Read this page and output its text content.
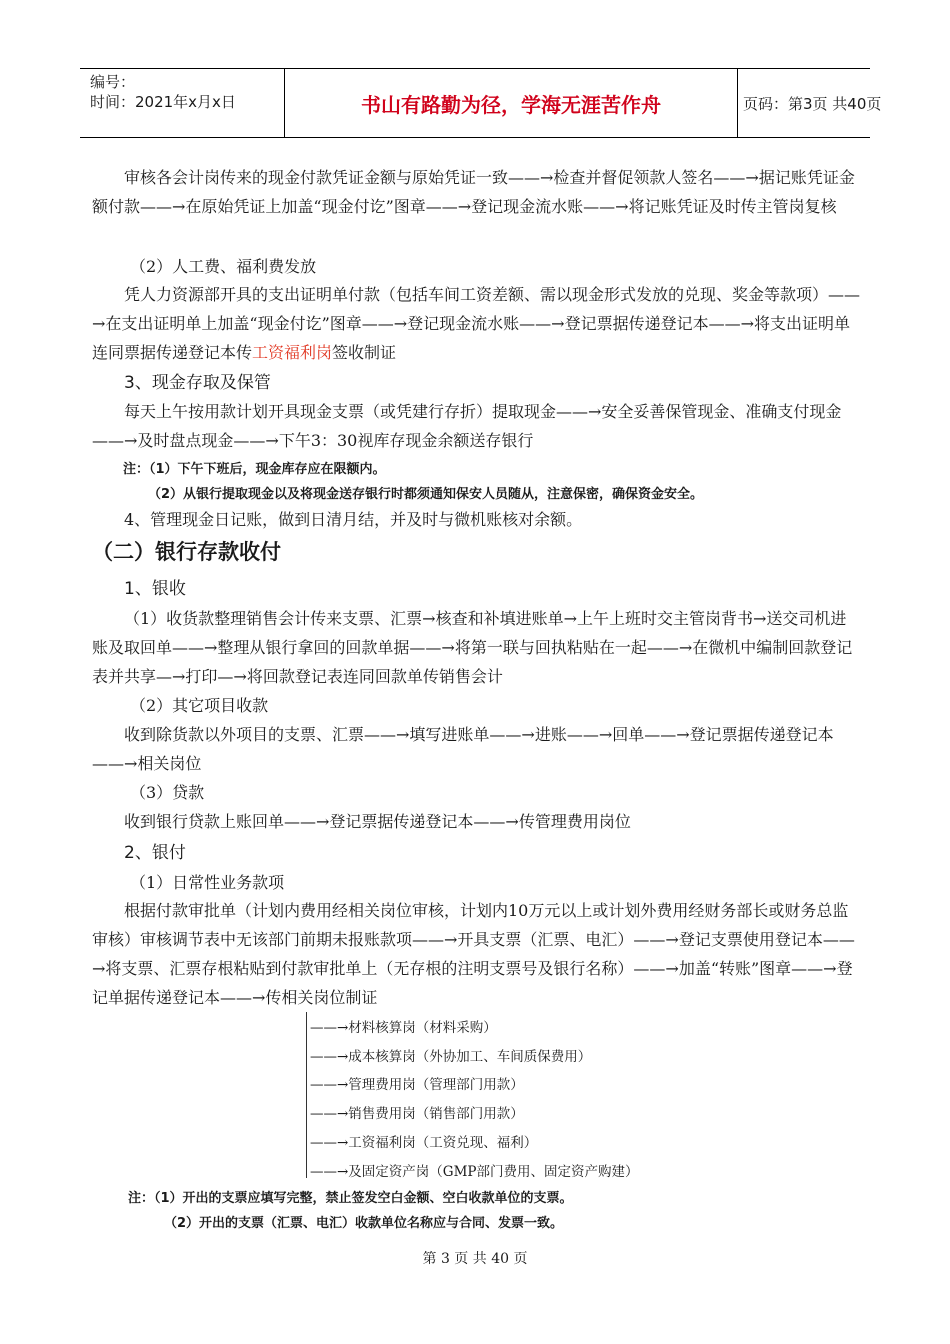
编号：
时间：2021年x月x日	书山有路勤为径，学海无涯苦作舟	页码：第3页 共40页
审核各会计岗传来的现金付款凭证金额与原始凭证一致——→检查并督促领款人签名——→据记账凭证金额付款——→在原始凭证上加盖“现金付讫”图章——→登记现金流水账——→将记账凭证及时传主管岗复核
（2）人工费、福利费发放
凭人力资源部开具的支出证明单付款（包括车间工资差额、需以现金形式发放的兑现、奖金等款项）——→在支出证明单上加盖“现金付讫”图章——→登记现金流水账——→登记票据传递登记本——→将支出证明单连同票据传递登记本传工资福利岗签收制证
3、现金存取及保管
每天上午按用款计划开具现金支票（或凭建行存折）提取现金——→安全妥善保管现金、准确支付现金——→及时盘点现金——→下午3：30视库存现金余额送存银行
注：（1）下午下班后，现金库存应在限额内。
（2）从银行提取现金以及将现金送存银行时都须通知保安人员随从，注意保密，确保资金安全。
4、管理现金日记账，做到日清月结，并及时与微机账核对余额。
（二）银行存款收付
1、银收
（1）收货款整理销售会计传来支票、汇票→核查和补填进账单→上午上班时交主管岗背书→送交司机进账及取回单——→整理从银行拿回的回款单据——→将第一联与回执粘贴在一起——→在微机中编制回款登记表并共享—→打印—→将回款登记表连同回款单传销售会计
（2）其它项目收款
收到除货款以外项目的支票、汇票——→填写进账单——→进账——→回单——→登记票据传递登记本——→相关岗位
（3）贷款
收到银行贷款上账回单——→登记票据传递登记本——→传管理费用岗位
2、银付
（1）日常性业务款项
根据付款审批单（计划内费用经相关岗位审核，计划内10万元以上或计划外费用经财务部长或财务总监审核）审核调节表中无该部门前期未报账款项——→开具支票（汇票、电汇）——→登记支票使用登记本——→将支票、汇票存根粘贴到付款审批单上（无存根的注明支票号及银行名称）——→加盖“转账”图章——→登记单据传递登记本——→传相关岗位制证
——→材料核算岗（材料采购）
——→成本核算岗（外协加工、车间质保费用）
——→管理费用岗（管理部门用款）
——→销售费用岗（销售部门用款）
——→工资福利岗（工资兑现、福利）
——→及固定资产岗（GMP部门费用、固定资产购建）
注：（1）开出的支票应填写完整，禁止签发空白金额、空白收款单位的支票。
（2）开出的支票（汇票、电汇）收款单位名称应与合同、发票一致。
第 3 页 共 40 页
